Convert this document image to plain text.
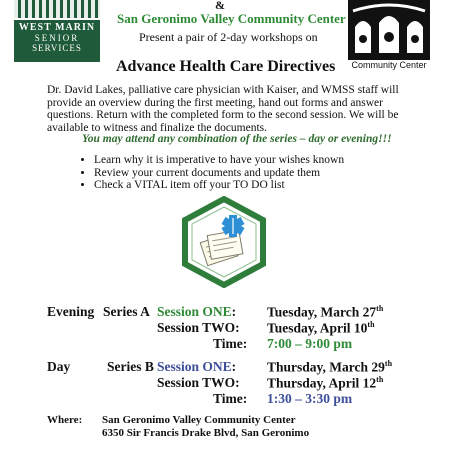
WEST MARIN
SENIOR
SERVICES
Community Center
&
San Geronimo Valley Community Center
Present a pair of 2-day workshops on
Advance Health Care Directives
Dr. David Lakes, palliative care physician with Kaiser, and WMSS staff will provide an overview during the first meeting, hand out forms and answer questions. Return with the completed form to the second session. We will be available to witness and finalize the documents.
You may attend any combination of the series – day or evening!!!
• Learn why it is imperative to have your wishes known
• Review your current documents and update them
• Check a VITAL item off your TO DO list
Evening Series A Session ONE: Tuesday, March 27th
Session TWO: Tuesday, April 10th
Time: 7:00 – 9:00 pm
Day	Series B Session ONE: Thursday, March 29th
Session TWO: Thursday, April 12th
Time: 1:30 – 3:30 pm
Where: San Geronimo Valley Community Center
6350 Sir Francis Drake Blvd, San Geronimo
